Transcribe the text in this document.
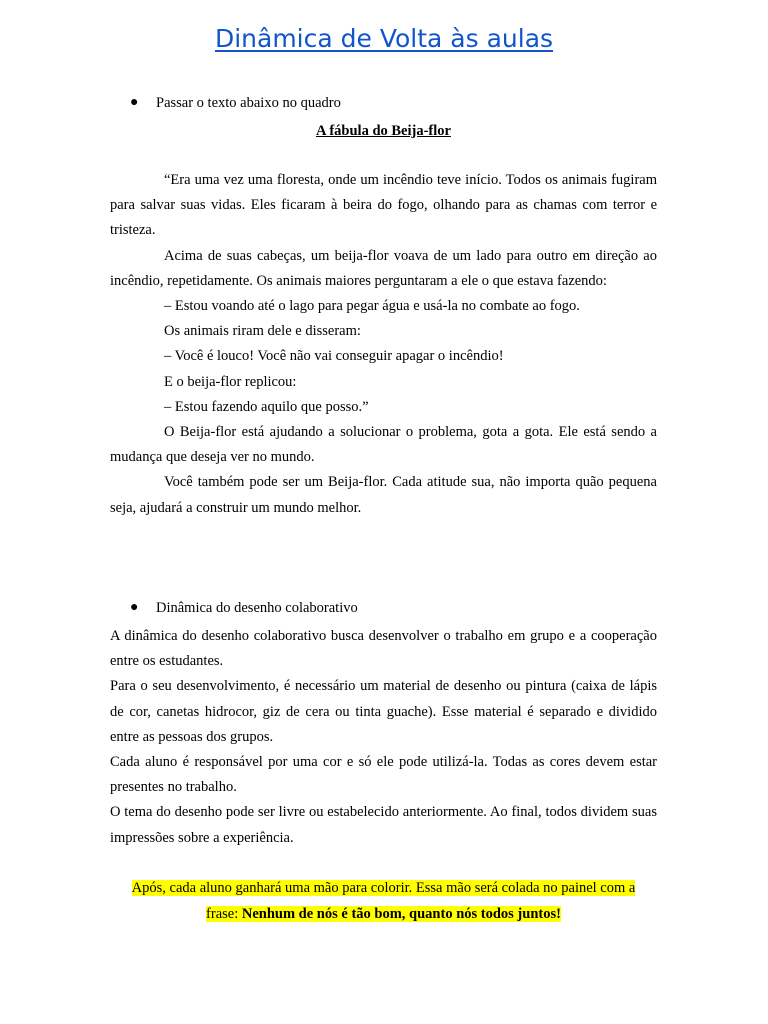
Dinâmica de Volta às aulas
● Passar o texto abaixo no quadro
A fábula do Beija-flor

“Era uma vez uma floresta, onde um incêndio teve início. Todos os animais fugiram para salvar suas vidas. Eles ficaram à beira do fogo, olhando para as chamas com terror e tristeza.

Acima de suas cabeças, um beija-flor voava de um lado para outro em direção ao incêndio, repetidamente. Os animais maiores perguntaram a ele o que estava fazendo:

– Estou voando até o lago para pegar água e usá-la no combate ao fogo.

Os animais riram dele e disseram:

– Você é louco! Você não vai conseguir apagar o incêndio!

E o beija-flor replicou:

– Estou fazendo aquilo que posso.”

O Beija-flor está ajudando a solucionar o problema, gota a gota. Ele está sendo a mudança que deseja ver no mundo.

Você também pode ser um Beija-flor. Cada atitude sua, não importa quão pequena seja, ajudará a construir um mundo melhor.

● Dinâmica do desenho colaborativo

A dinâmica do desenho colaborativo busca desenvolver o trabalho em grupo e a cooperação entre os estudantes.

Para o seu desenvolvimento, é necessário um material de desenho ou pintura (caixa de lápis de cor, canetas hidrocor, giz de cera ou tinta guache). Esse material é separado e dividido entre as pessoas dos grupos.

Cada aluno é responsável por uma cor e só ele pode utilizá-la. Todas as cores devem estar presentes no trabalho.

O tema do desenho pode ser livre ou estabelecido anteriormente. Ao final, todos dividem suas impressões sobre a experiência.

Após, cada aluno ganhará uma mão para colorir. Essa mão será colada no painel com a
frase: Nenhum de nós é tão bom, quanto nós todos juntos!
